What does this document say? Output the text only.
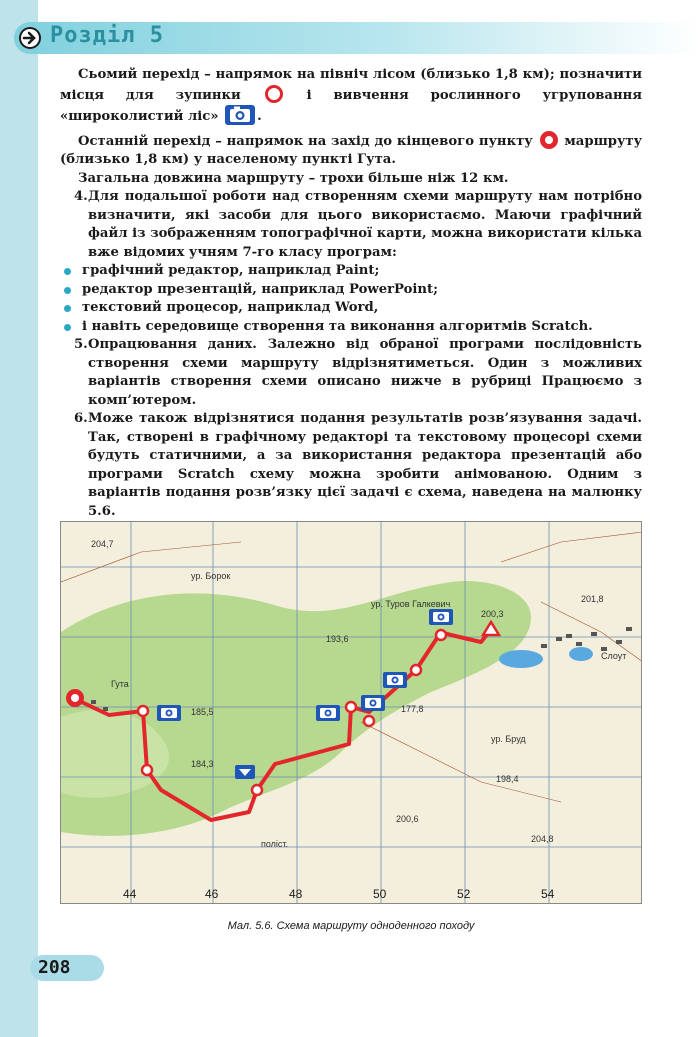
Розділ 5

Сьомий перехід – напрямок на північ лісом (близько 1,8 км); позначити місця для зупинки	і вивчення рослинного угруповання «широколистий ліс»	.

Останній перехід – напрямок на захід до кінцевого пункту маршруту (близько 1,8 км) у населеному пункті Гута.

Загальна довжина маршруту – трохи більше ніж 12 км.

4. Для подальшої роботи над створенням схеми маршруту нам потрібно визначити, які засоби для цього використаємо. Маючи графічний файл із зображенням топографічної карти, можна використати кілька вже відомих учням 7-го класу програм:
графічний редактор, наприклад Paint;
редактор презентацій, наприклад PowerPoint;
текстовий процесор, наприклад Word,
і навіть середовище створення та виконання алгоритмів Scratch.
5. Опрацювання даних. Залежно від обраної програми послідовність створення схеми маршруту відрізнятиметься. Один з можливих варіантів створення схеми описано нижче в рубриці Працюємо з комп’ютером.
6. Може також відрізнятися подання результатів розв’язування задачі. Так, створені в графічному редакторі та текстовому процесорі схеми будуть статичними, а за використання редактора презентацій або програми Scratch схему можна зробити анімованою. Одним з варіантів подання розв’язку цієї задачі є схема, наведена на малюнку 5.6.
ур. Борок
ур. Туров Галкевич
Слоут
ур. Бруд
поліст.
Гута
204,7
200,3
193,6
185,5
184,3
177,8
198,4
204,8
200,6
201,8
44	46	48	50	52	54
Мал. 5.6. Схема маршруту одноденного походу
208
